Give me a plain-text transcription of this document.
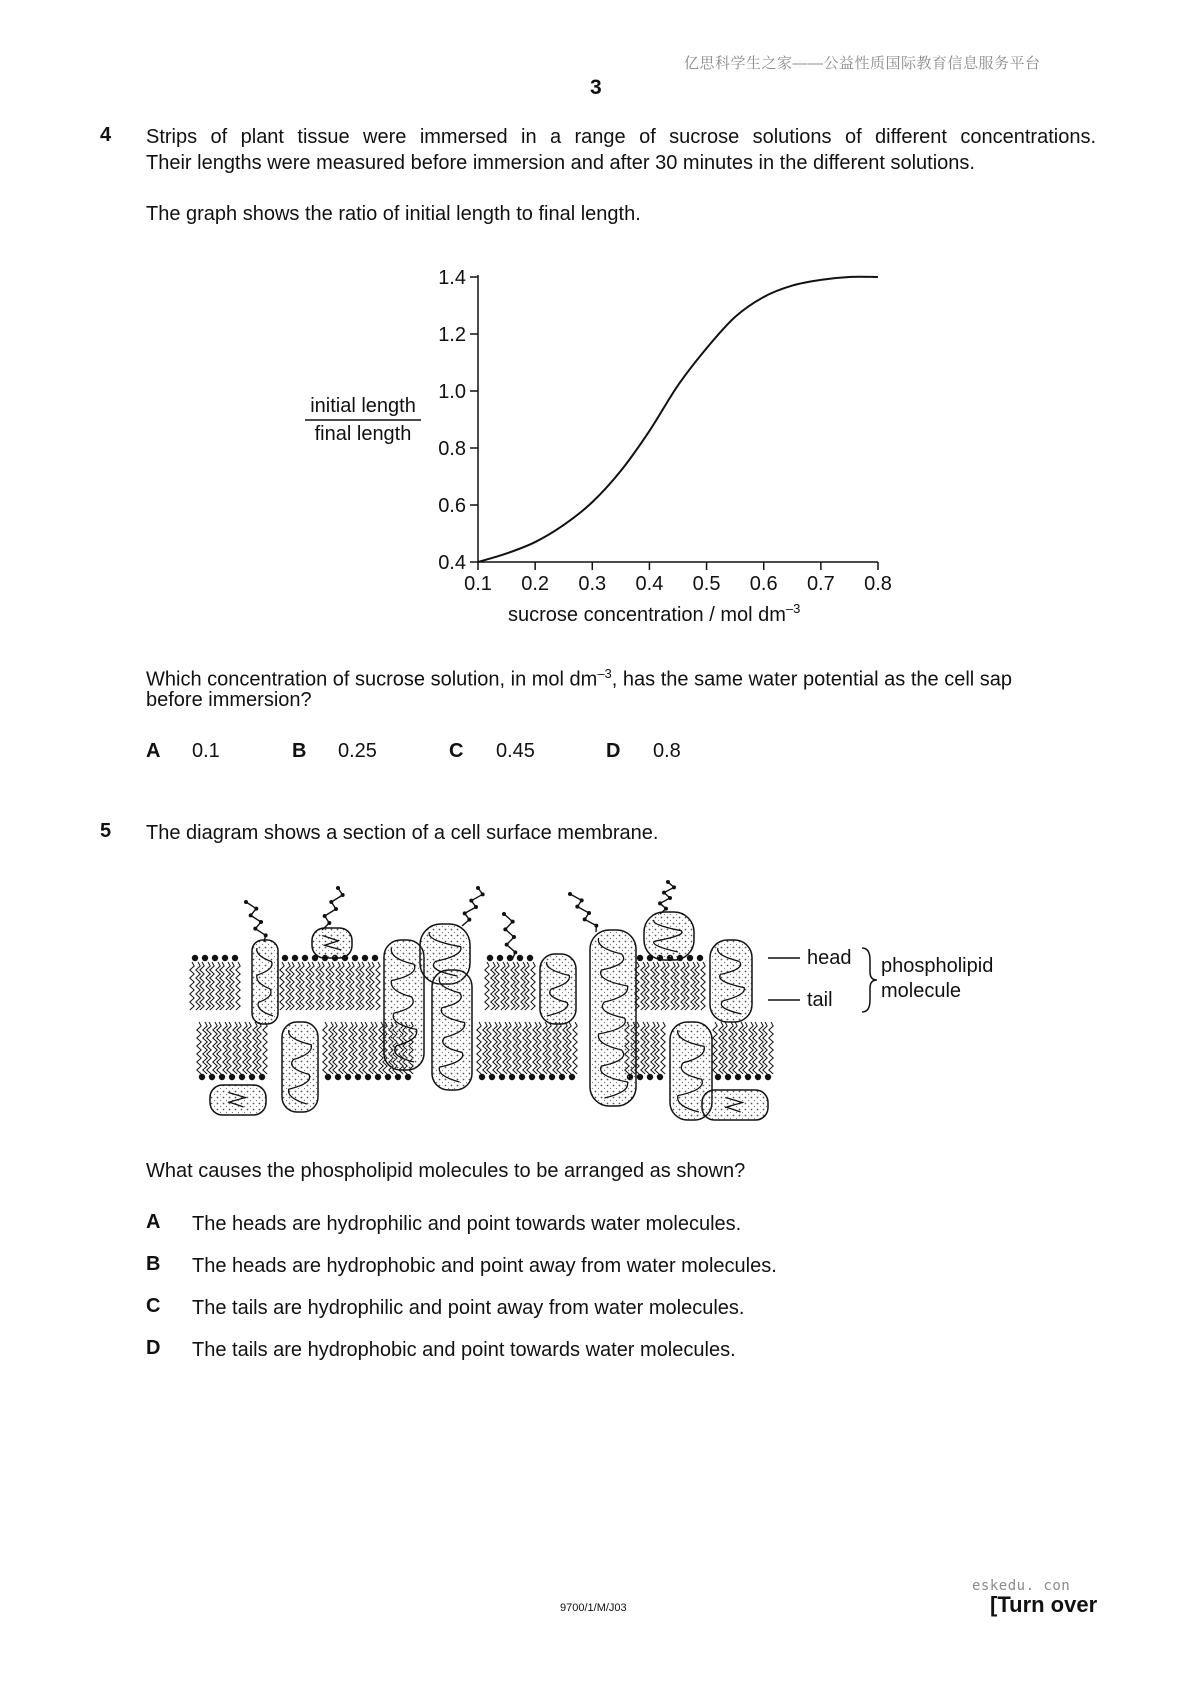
亿思科学生之家——公益性质国际教育信息服务平台
3
4 Strips of plant tissue were immersed in a range of sucrose solutions of different concentrations.
Their lengths were measured before immersion and after 30 minutes in the different solutions.
The graph shows the ratio of initial length to final length.
0.1 0.2 0.3 0.4 0.5 0.6 0.7 0.8
0.4
0.6
0.8
1.0
1.2
1.4
initial length
final length
sucrose concentration / mol $dm^{-3}$
Which concentration of sucrose solution, in mol $dm^{-3}$, has the same water potential as the cell sap
before immersion?
A 0.1	B 0.25	C 0.45	D 0.8
5 The diagram shows a section of a cell surface membrane.
head
tail
phospholipid
molecule
What causes the phospholipid molecules to be arranged as shown?
A The heads are hydrophilic and point towards water molecules.
B The heads are hydrophobic and point away from water molecules.
C The tails are hydrophilic and point away from water molecules.
D The tails are hydrophobic and point towards water molecules.
eskedu. con
9700/1/M/J03	[Turn over
